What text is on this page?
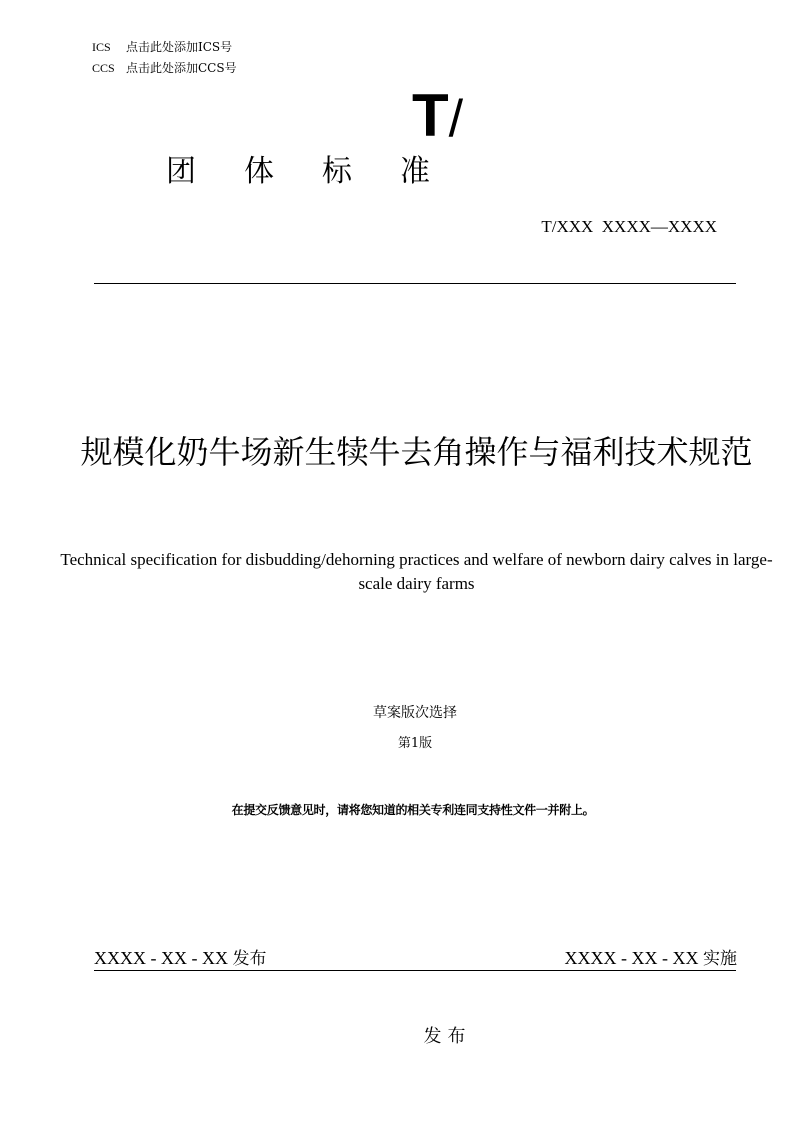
ICS 点击此处添加ICS号
CCS 点击此处添加CCS号
T/
团体标准
T/XXX  XXXX—XXXX
规模化奶牛场新生犊牛去角操作与福利技术规范
Technical specification for disbudding/dehorning practices and welfare of newborn dairy calves in large-scale dairy farms
草案版次选择
第1版
在提交反馈意见时，请将您知道的相关专利连同支持性文件一并附上。
XXXX - XX - XX 发布	XXXX - XX - XX 实施
发布
